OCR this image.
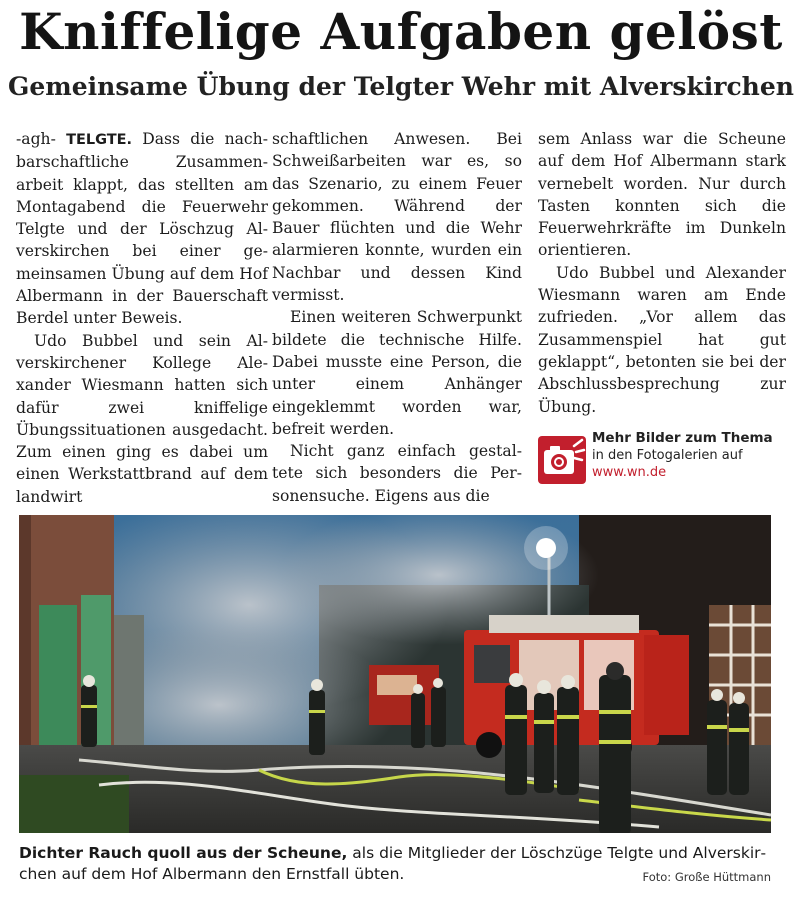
Kniffelige Aufgaben gelöst
Gemeinsame Übung der Telgter Wehr mit Alverskirchen

-agh- TELGTE. Dass die nachbarschaftliche Zusammenarbeit klappt, das stellten am Montagabend die Feuerwehr Telgte und der Löschzug Alverskirchen bei einer gemeinsamen Übung auf dem Hof Albermann in der Bauerschaft Berdel unter Beweis.

Udo Bubbel und sein Alverskirchener Kollege Alexander Wiesmann hatten sich dafür zwei kniffelige Übungssituationen ausgedacht. Zum einen ging es dabei um einen Werkstattbrand auf dem landwirt

schaftlichen Anwesen. Bei Schweißarbeiten war es, so das Szenario, zu einem Feuer gekommen. Während der Bauer flüchten und die Wehr alarmieren konnte, wurden ein Nachbar und dessen Kind vermisst.

Einen weiteren Schwerpunkt bildete die technische Hilfe. Dabei musste eine Person, die unter einem Anhänger eingeklemmt worden war, befreit werden.

Nicht ganz einfach gestaltete sich besonders die Personensuche. Eigens aus die

sem Anlass war die Scheune auf dem Hof Albermann stark vernebelt worden. Nur durch Tasten konnten sich die Feuerwehrkräfte im Dunkeln orientieren.

Udo Bubbel und Alexander Wiesmann waren am Ende zufrieden. „Vor allem das Zusammenspiel hat gut geklappt“, betonten sie bei der Abschlussbesprechung zur Übung.

Mehr Bilder zum Thema
in den Fotogalerien auf
www.wn.de
Dichter Rauch quoll aus der Scheune, als die Mitglieder der Löschzüge Telgte und Alverskirchen auf dem Hof Albermann den Ernstfall übten.	Foto: Große Hüttmann
